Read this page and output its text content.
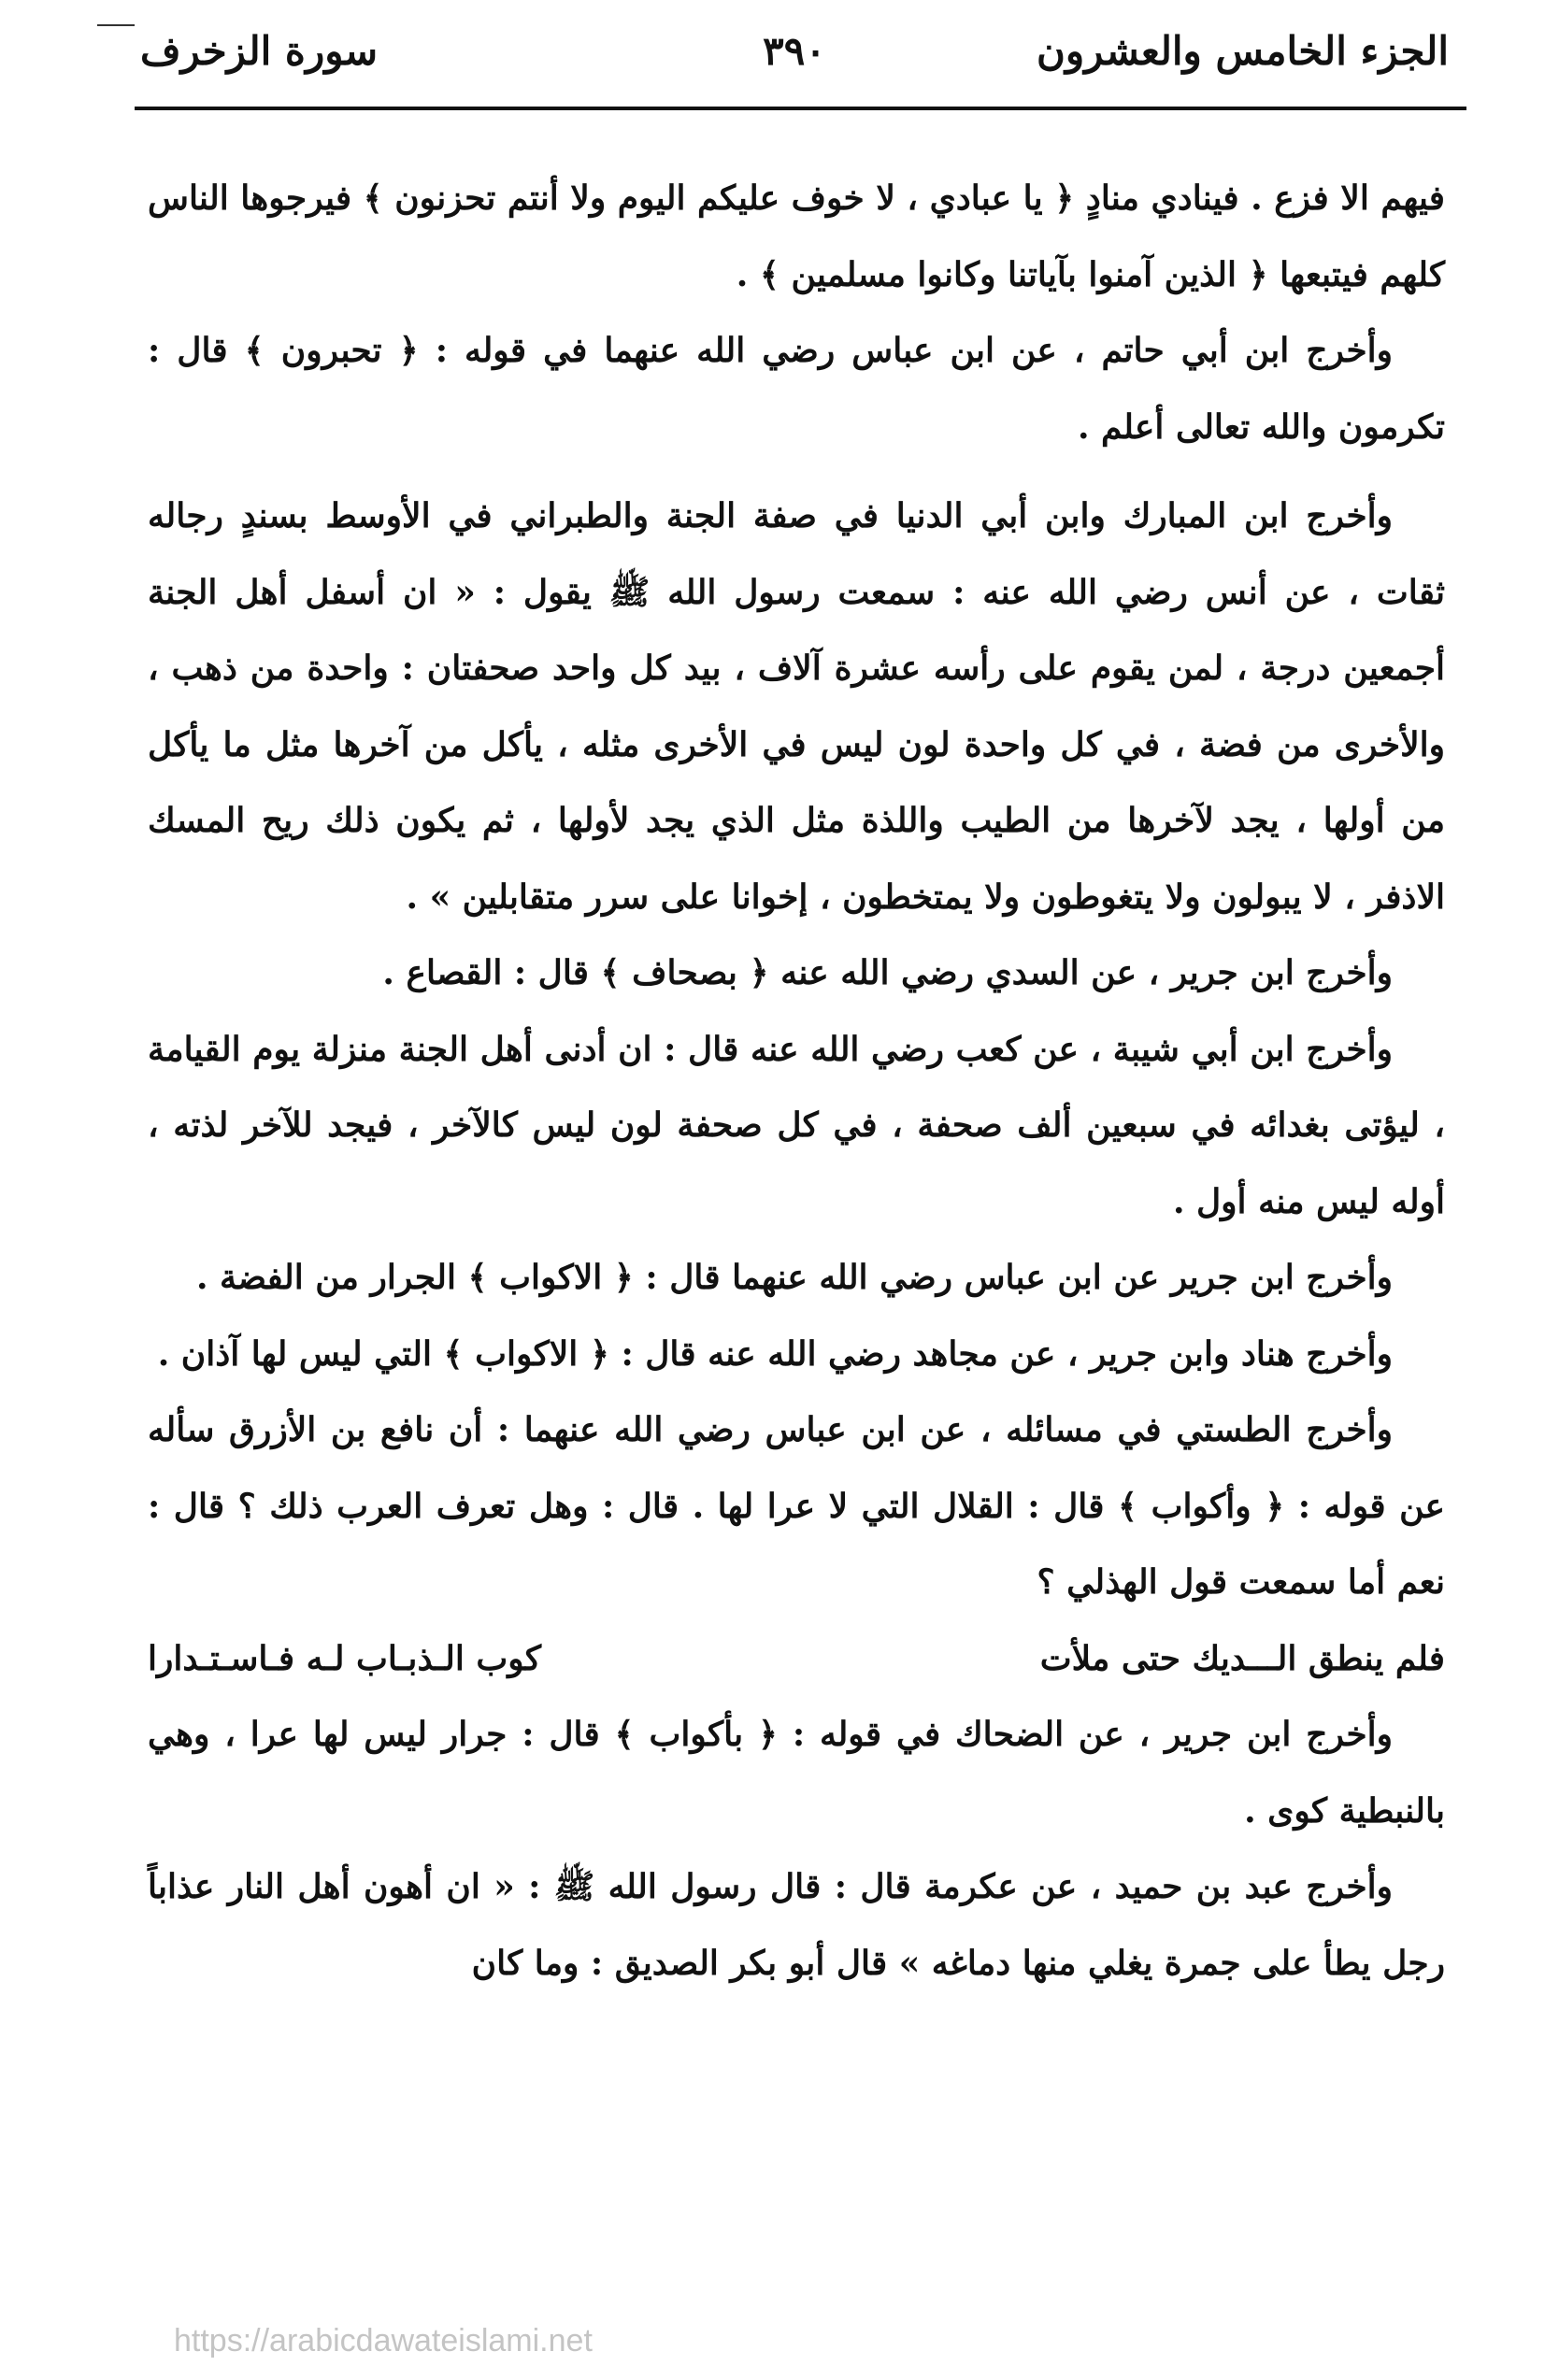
الجزء الخامس والعشرون
٣٩٠
سورة الزخرف

فيهم الا فزع . فينادي منادٍ ﴿ يا عبادي ، لا خوف عليكم اليوم ولا أنتم تحزنون ﴾ فيرجوها الناس كلهم فيتبعها ﴿ الذين آمنوا بآياتنا وكانوا مسلمين ﴾ .

وأخرج ابن أبي حاتم ، عن ابن عباس رضي الله عنهما في قوله : ﴿ تحبرون ﴾ قال : تكرمون والله تعالى أعلم .

وأخرج ابن المبارك وابن أبي الدنيا في صفة الجنة والطبراني في الأوسط بسندٍ رجاله ثقات ، عن أنس رضي الله عنه : سمعت رسول الله ﷺ يقول : « ان أسفل أهل الجنة أجمعين درجة ، لمن يقوم على رأسه عشرة آلاف ، بيد كل واحد صحفتان : واحدة من ذهب ، والأخرى من فضة ، في كل واحدة لون ليس في الأخرى مثله ، يأكل من آخرها مثل ما يأكل من أولها ، يجد لآخرها من الطيب واللذة مثل الذي يجد لأولها ، ثم يكون ذلك ريح المسك الاذفر ، لا يبولون ولا يتغوطون ولا يمتخطون ، إخوانا على سرر متقابلين » .

وأخرج ابن جرير ، عن السدي رضي الله عنه ﴿ بصحاف ﴾ قال : القصاع .

وأخرج ابن أبي شيبة ، عن كعب رضي الله عنه قال : ان أدنى أهل الجنة منزلة يوم القيامة ، ليؤتى بغدائه في سبعين ألف صحفة ، في كل صحفة لون ليس كالآخر ، فيجد للآخر لذته ، أوله ليس منه أول .

وأخرج ابن جرير عن ابن عباس رضي الله عنهما قال : ﴿ الاكواب ﴾ الجرار من الفضة .

وأخرج هناد وابن جرير ، عن مجاهد رضي الله عنه قال : ﴿ الاكواب ﴾ التي ليس لها آذان .

وأخرج الطستي في مسائله ، عن ابن عباس رضي الله عنهما : أن نافع بن الأزرق سأله عن قوله : ﴿ وأكواب ﴾ قال : القلال التي لا عرا لها . قال : وهل تعرف العرب ذلك ؟ قال : نعم أما سمعت قول الهذلي ؟

فلم ينطق الـــديك حتى ملأت
كوب الـذبـاب لـه فـاسـتـدارا

وأخرج ابن جرير ، عن الضحاك في قوله : ﴿ بأكواب ﴾ قال : جرار ليس لها عرا ، وهي بالنبطية كوى .

وأخرج عبد بن حميد ، عن عكرمة قال : قال رسول الله ﷺ : « ان أهون أهل النار عذاباً رجل يطأ على جمرة يغلي منها دماغه » قال أبو بكر الصديق : وما كان

https://arabicdawateislami.net
